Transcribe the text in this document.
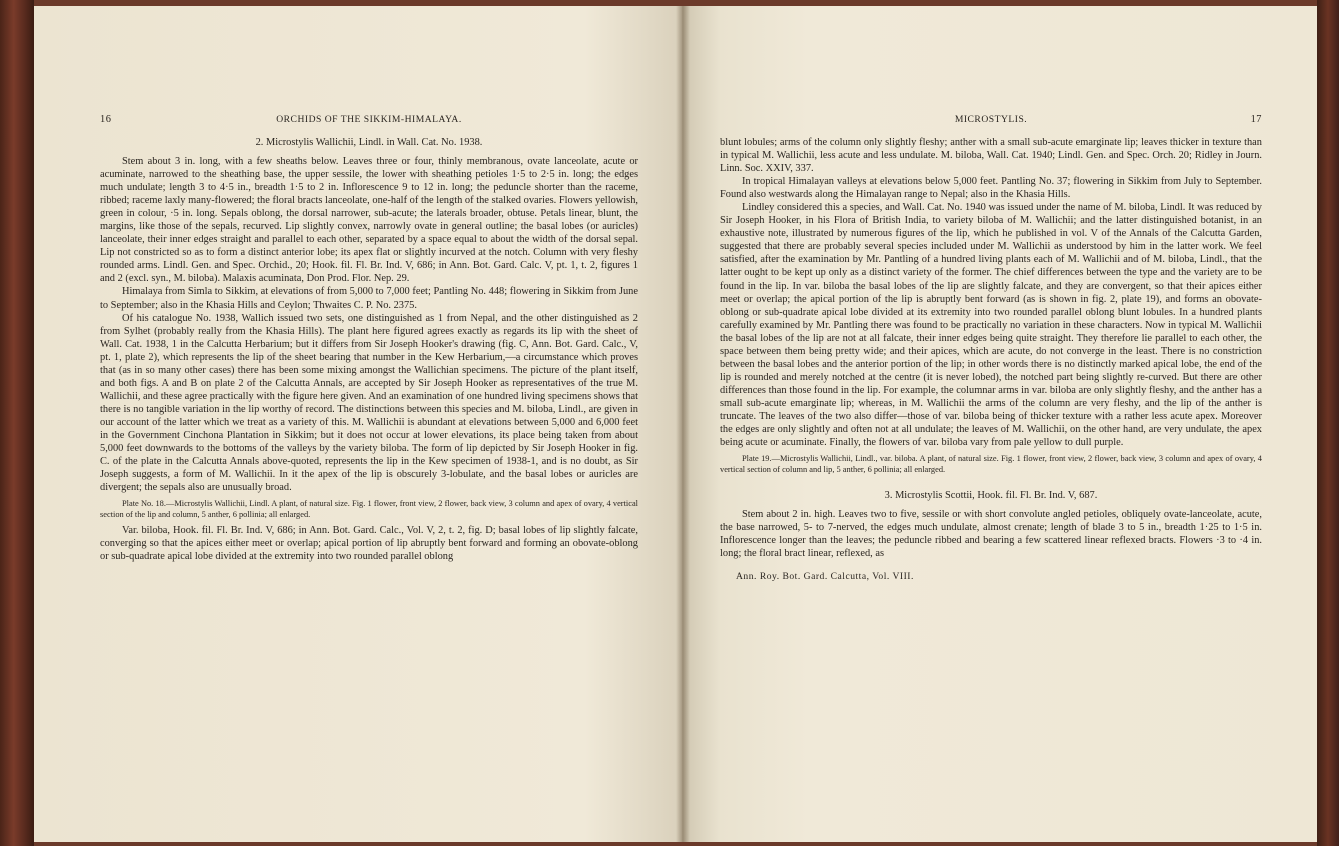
16	ORCHIDS OF THE SIKKIM-HIMALAYA.
2. Microstylis Wallichii, Lindl. in Wall. Cat. No. 1938.

Stem about 3 in. long, with a few sheaths below. Leaves three or four, thinly membranous, ovate lanceolate, acute or acuminate, narrowed to the sheathing base, the upper sessile, the lower with sheathing petioles 1·5 to 2·5 in. long; the edges much undulate; length 3 to 4·5 in., breadth 1·5 to 2 in. Inflorescence 9 to 12 in. long; the peduncle shorter than the raceme, ribbed; raceme laxly many-flowered; the floral bracts lanceolate, one-half of the length of the stalked ovaries. Flowers yellowish, green in colour, ·5 in. long. Sepals oblong, the dorsal narrower, sub-acute; the laterals broader, obtuse. Petals linear, blunt, the margins, like those of the sepals, recurved. Lip slightly convex, narrowly ovate in general outline; the basal lobes (or auricles) lanceolate, their inner edges straight and parallel to each other, separated by a space equal to about the width of the dorsal sepal. Lip not constricted so as to form a distinct anterior lobe; its apex flat or slightly incurved at the notch. Column with very fleshy rounded arms. Lindl. Gen. and Spec. Orchid., 20; Hook. fil. Fl. Br. Ind. V, 686; in Ann. Bot. Gard. Calc. V, pt. 1, t. 2, figures 1 and 2 (excl. syn., M. biloba). Malaxis acuminata, Don Prod. Flor. Nep. 29.

Himalaya from Simla to Sikkim, at elevations of from 5,000 to 7,000 feet; Pantling No. 448; flowering in Sikkim from June to September; also in the Khasia Hills and Ceylon; Thwaites C. P. No. 2375.

Of his catalogue No. 1938, Wallich issued two sets, one distinguished as 1 from Nepal, and the other distinguished as 2 from Sylhet (probably really from the Khasia Hills). The plant here figured agrees exactly as regards its lip with the sheet of Wall. Cat. 1938, 1 in the Calcutta Herbarium; but it differs from Sir Joseph Hooker's drawing (fig. C, Ann. Bot. Gard. Calc., V, pt. 1, plate 2), which represents the lip of the sheet bearing that number in the Kew Herbarium,—a circumstance which proves that (as in so many other cases) there has been some mixing amongst the Wallichian specimens. The picture of the plant itself, and both figs. A and B on plate 2 of the Calcutta Annals, are accepted by Sir Joseph Hooker as representatives of the true M. Wallichii, and these agree practically with the figure here given. And an examination of one hundred living specimens shows that there is no tangible variation in the lip worthy of record. The distinctions between this species and M. biloba, Lindl., are given in our account of the latter which we treat as a variety of this. M. Wallichii is abundant at elevations between 5,000 and 6,000 feet in the Government Cinchona Plantation in Sikkim; but it does not occur at lower elevations, its place being taken from about 5,000 feet downwards to the bottoms of the valleys by the variety biloba. The form of lip depicted by Sir Joseph Hooker in fig. C. of the plate in the Calcutta Annals above-quoted, represents the lip in the Kew specimen of 1938-1, and is no doubt, as Sir Joseph suggests, a form of M. Wallichii. In it the apex of the lip is obscurely 3-lobulate, and the basal lobes or auricles are divergent; the sepals also are unusually broad.

Plate No. 18.—Microstylis Wallichii, Lindl. A plant, of natural size. Fig. 1 flower, front view, 2 flower, back view, 3 column and apex of ovary, 4 vertical section of the lip and column, 5 anther, 6 pollinia; all enlarged.

Var. biloba, Hook. fil. Fl. Br. Ind. V, 686; in Ann. Bot. Gard. Calc., Vol. V, 2, t. 2, fig. D; basal lobes of lip slightly falcate, converging so that the apices either meet or overlap; apical portion of lip abruptly bent forward and forming an obovate-oblong or sub-quadrate apical lobe divided at the extremity into two rounded parallel oblong

MICROSTYLIS.	17

blunt lobules; arms of the column only slightly fleshy; anther with a small sub-acute emarginate lip; leaves thicker in texture than in typical M. Wallichii, less acute and less undulate. M. biloba, Wall. Cat. 1940; Lindl. Gen. and Spec. Orch. 20; Ridley in Journ. Linn. Soc. XXIV, 337.

In tropical Himalayan valleys at elevations below 5,000 feet. Pantling No. 37; flowering in Sikkim from July to September. Found also westwards along the Himalayan range to Nepal; also in the Khasia Hills.

Lindley considered this a species, and Wall. Cat. No. 1940 was issued under the name of M. biloba, Lindl. It was reduced by Sir Joseph Hooker, in his Flora of British India, to variety biloba of M. Wallichii; and the latter distinguished botanist, in an exhaustive note, illustrated by numerous figures of the lip, which he published in vol. V of the Annals of the Calcutta Garden, suggested that there are probably several species included under M. Wallichii as understood by him in the latter work. We feel satisfied, after the examination by Mr. Pantling of a hundred living plants each of M. Wallichii and of M. biloba, Lindl., that the latter ought to be kept up only as a distinct variety of the former. The chief differences between the type and the variety are to be found in the lip. In var. biloba the basal lobes of the lip are slightly falcate, and they are convergent, so that their apices either meet or overlap; the apical portion of the lip is abruptly bent forward (as is shown in fig. 2, plate 19), and forms an obovate-oblong or sub-quadrate apical lobe divided at its extremity into two rounded parallel oblong blunt lobules. In a hundred plants carefully examined by Mr. Pantling there was found to be practically no variation in these characters. Now in typical M. Wallichii the basal lobes of the lip are not at all falcate, their inner edges being quite straight. They therefore lie parallel to each other, the space between them being pretty wide; and their apices, which are acute, do not converge in the least. There is no constriction between the basal lobes and the anterior portion of the lip; in other words there is no distinctly marked apical lobe, the end of the lip is rounded and merely notched at the centre (it is never lobed), the notched part being slightly re-curved. But there are other differences than those found in the lip. For example, the columnar arms in var. biloba are only slightly fleshy, and the anther has a small sub-acute emarginate lip; whereas, in M. Wallichii the arms of the column are very fleshy, and the lip of the anther is truncate. The leaves of the two also differ—those of var. biloba being of thicker texture with a rather less acute apex. Moreover the edges are only slightly and often not at all undulate; the leaves of M. Wallichii, on the other hand, are very undulate, the apex being acute or acuminate. Finally, the flowers of var. biloba vary from pale yellow to dull purple.

Plate 19.—Microstylis Wallichii, Lindl., var. biloba. A plant, of natural size. Fig. 1 flower, front view, 2 flower, back view, 3 column and apex of ovary, 4 vertical section of column and lip, 5 anther, 6 pollinia; all enlarged.

3. Microstylis Scottii, Hook. fil. Fl. Br. Ind. V, 687.

Stem about 2 in. high. Leaves two to five, sessile or with short convolute angled petioles, obliquely ovate-lanceolate, acute, the base narrowed, 5- to 7-nerved, the edges much undulate, almost crenate; length of blade 3 to 5 in., breadth 1·25 to 1·5 in. Inflorescence longer than the leaves; the peduncle ribbed and bearing a few scattered linear reflexed bracts. Flowers ·3 to ·4 in. long; the floral bract linear, reflexed, as

Ann. Roy. Bot. Gard. Calcutta, Vol. VIII.
